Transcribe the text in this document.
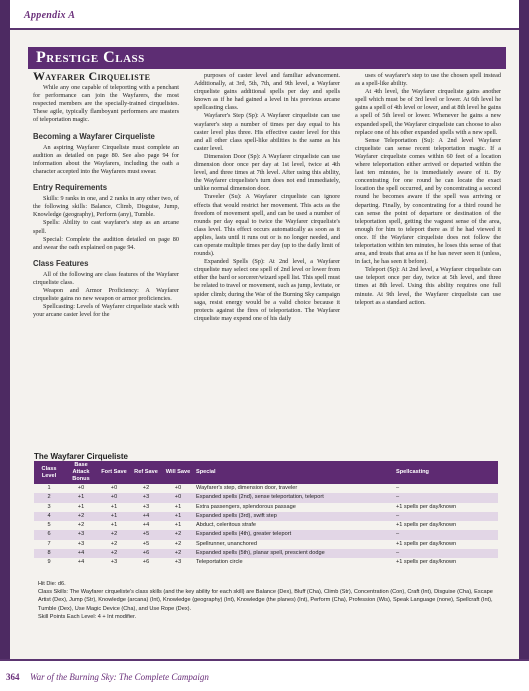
Appendix A
Prestige Class
Wayfarer Cirqueliste

While any one capable of teleporting with a penchant for performance can join the Wayfarers, the most respected members are the specially-trained cirquelistes. These agile, typically flamboyant performers are masters of teleportation magic.

Becoming a Wayfarer Cirqueliste

An aspiring Wayfarer Cirqueliste must complete an audition as detailed on page 80. See also page 94 for information about the Wayfarers, including the oath a character accepted into the Wayfarers must swear.

Entry Requirements

Skills: 9 ranks in one, and 2 ranks in any other two, of the following skills: Balance, Climb, Disguise, Jump, Knowledge (geography), Perform (any), Tumble.

Spells: Ability to cast wayfarer's step as an arcane spell.

Special: Complete the audition detailed on page 80 and swear the oath explained on page 94.

Class Features

All of the following are class features of the Wayfarer cirqueliste class.

Weapon and Armor Proficiency: A Wayfarer cirqueliste gains no new weapon or armor proficiencies.

Spellcasting: Levels of Wayfarer cirqueliste stack with your arcane caster level for the

purposes of caster level and familiar advancement. Additionally, at 3rd, 5th, 7th, and 9th level, a Wayfarer cirqueliste gains additional spells per day and spells known as if he had gained a level in his previous arcane spellcasting class.

Wayfarer's Step (Sp): A Wayfarer cirqueliste can use wayfarer's step a number of times per day equal to his caster level plus three. His effective caster level for this and all other class spell-like abilities is the same as his caster level.

Dimension Door (Sp): A Wayfarer cirqueliste can use dimension door once per day at 1st level, twice at 4th level, and three times at 7th level. After using this ability, the Wayfarer cirqueliste's turn does not end immediately, unlike normal dimension door.

Traveler (Su): A Wayfarer cirqueliste can ignore effects that would restrict her movement. This acts as the freedom of movement spell, and can be used a number of rounds per day equal to twice the Wayfarer cirqueliste's class level. This effect occurs automatically as soon as it applies, lasts until it runs out or is no longer needed, and can operate multiple times per day (up to the daily limit of rounds).

Expanded Spells (Sp): At 2nd level, a Wayfarer cirqueliste may select one spell of 2nd level or lower from either the bard or sorcerer/wizard spell list. This spell must be related to travel or movement, such as jump, levitate, or spider climb; during the War of the Burning Sky campaign saga, resist energy would be a valid choice because it protects against the fires of teleportation. The Wayfarer cirqueliste may expend one of his daily

uses of wayfarer's step to use the chosen spell instead as a spell-like ability.

At 4th level, the Wayfarer cirqueliste gains another spell which must be of 3rd level or lower. At 6th level he gains a spell of 4th level or lower, and at 8th level he gains a spell of 5th level or lower. Whenever he gains a new expanded spell, the Wayfarer cirqueliste can choose to also replace one of his other expanded spells with a new spell.

Sense Teleportation (Su): A 2nd level Wayfarer cirqueliste can sense recent teleportation magic. If a Wayfarer cirqueliste comes within 60 feet of a location where teleportation either arrived or departed within the last ten minutes, he is immediately aware of it. By concentrating for one round he can locate the exact location the spell occurred, and by concentrating a second round he becomes aware if the spell was arriving or departing. Finally, by concentrating for a third round he can sense the point of departure or destination of the teleportation spell, getting the vaguest sense of the area, enough for him to teleport there as if he had viewed it once. If the Wayfarer cirqueliste does not follow the teleportation within ten minutes, he loses this sense of that area, and treats that area as if he has never seen it (unless, in fact, he has seen it before).

Teleport (Sp): At 2nd level, a Wayfarer cirqueliste can use teleport once per day, twice at 5th level, and three times at 8th level. Using this ability requires one full minute. At 9th level, the Wayfarer cirqueliste can use teleport as a standard action.

The Wayfarer Cirqueliste
Class Level	Base Attack Bonus	Fort Save	Ref Save	Will Save	Special	Spellcasting
1	+0	+0	+2	+0	Wayfarer's step, dimension door, traveler	–
2	+1	+0	+3	+0	Expanded spells (2nd), sense teleportation, teleport	–
3	+1	+1	+3	+1	Extra passengers, splendorous passage	+1 spells per day/known
4	+2	+1	+4	+1	Expanded spells (3rd), swift step	–
5	+2	+1	+4	+1	Abduct, celeritous strafe	+1 spells per day/known
6	+3	+2	+5	+2	Expanded spells (4th), greater teleport	–
7	+3	+2	+5	+2	Spellrunner, unanchored	+1 spells per day/known
8	+4	+2	+6	+2	Expanded spells (5th), planar spell, prescient dodge	–
9	+4	+3	+6	+3	Teleportation circle	+1 spells per day/known

Hit Die: d6.

Class Skills: The Wayfarer cirqueliste's class skills (and the key ability for each skill) are Balance (Dex), Bluff (Cha), Climb (Str), Concentration (Con), Craft (Int), Disguise (Cha), Escape Artist (Dex), Jump (Str), Knowledge (arcana) (Int), Knowledge (geography) (Int), Knowledge (the planes) (Int), Perform (Cha), Profession (Wis), Speak Language (none), Spellcraft (Int), Tumble (Dex), Use Magic Device (Cha), and Use Rope (Dex).

Skill Points Each Level: 4 + Int modifier.

364 War of the Burning Sky: The Complete Campaign
